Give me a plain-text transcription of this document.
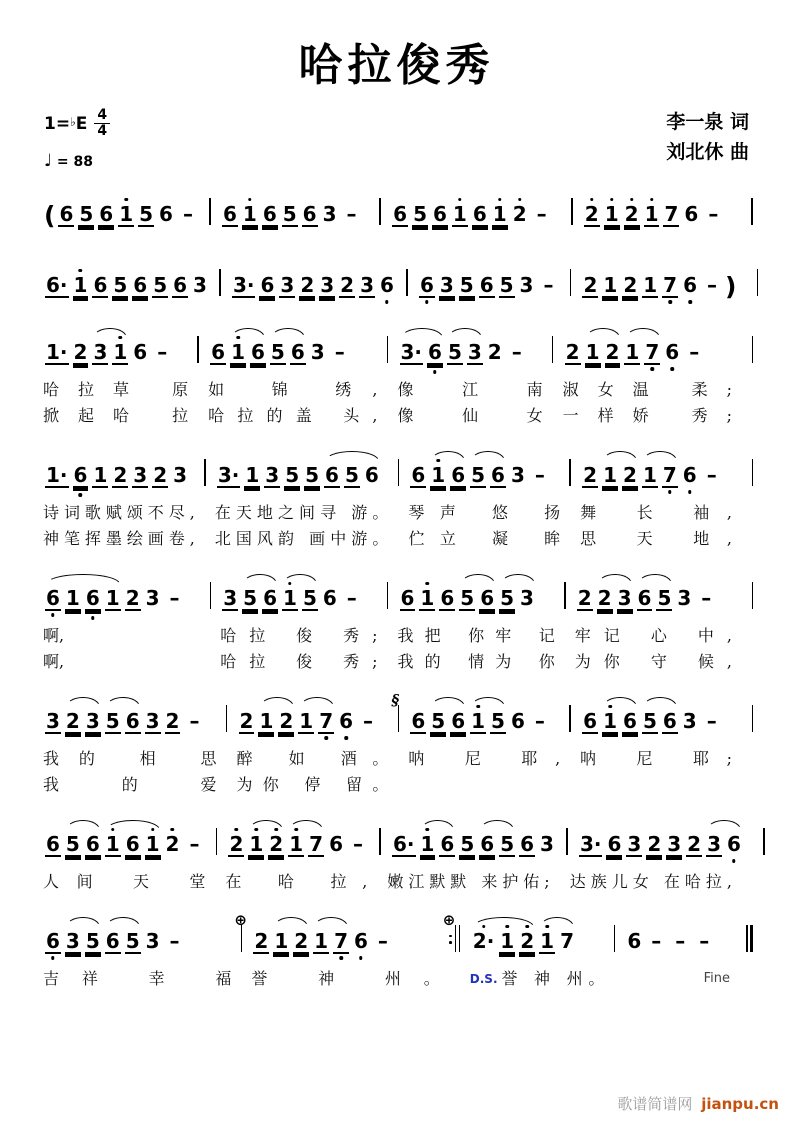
哈拉俊秀
1=♭ E $\frac{4}{4}$
♩ = 88
李一泉 词
刘北休 曲
( 6 5 6 1 5 6 – 6 1 6 5 6 3 – 6 5 6 1 6 1 2 – 2 1 2 1 7 6 –
6· 1 6 5 6 5 6 3 3· 6 3 2 3 2 3 6 6 3 5 6 5 3 – 2 1 2 1 7 6 – )
1· 2 3 1 6 – 6 1 6 5 6 3 –	3· 6 5 3 2 – 2 1 2 1 7 6 –
哈拉草 原 如 锦 绣, 像 江 南 淑女温 柔;
掀起哈 拉 哈拉的盖 头, 像 仙 女 一样娇 秀;
1· 6 1 2 3 2 3 3· 1 3 5 5 6 5 6 6 1 6 5 6 3 – 2 1 2 1 7 6 –
诗词歌赋颂不尽, 在天地之间寻 游。 琴声 悠 扬 舞 长 袖,
神笔挥墨绘画卷, 北国风韵 画中游。 伫立 凝 眸 思 天 地,
6 1 6 1 2 3 – 3 5 6 1 5 6 – 6 1 6 5 6 5 3 2 2 3 6 5 3 –
啊,	哈拉 俊 秀; 我把 你牢 记 牢记 心 中,
啊,	哈拉 俊 秀; 我的 情为 你 为你 守 候,
3 2 3 5 6 3 2 – 2 1 2 1 7 6 –
§
6 5 6 1 5 6 – 6 1 6 5 6 3 –
我的 相 思 醉 如 酒。 呐 尼 耶, 呐 尼 耶;
我 的 爱 为你 停 留。
6 5 6 1 6 1 2 – 2 1 2 1 7 6 – 6· 1 6 5 6 5 6 3 3· 6 3 2 3 2 3 6
人间 天 堂 在 哈 拉, 嫩江默默 来护佑; 达族儿女 在哈拉,
6 3 5 6 5 3 –
⊕
2 1 2 1 7 6 –
⊕
2· 1 2 1 7	6 – – –
吉祥 幸 福 誉 神 州。	D.S. 誉 神 州。	Fine
歌谱简谱网 jianpu.cn
